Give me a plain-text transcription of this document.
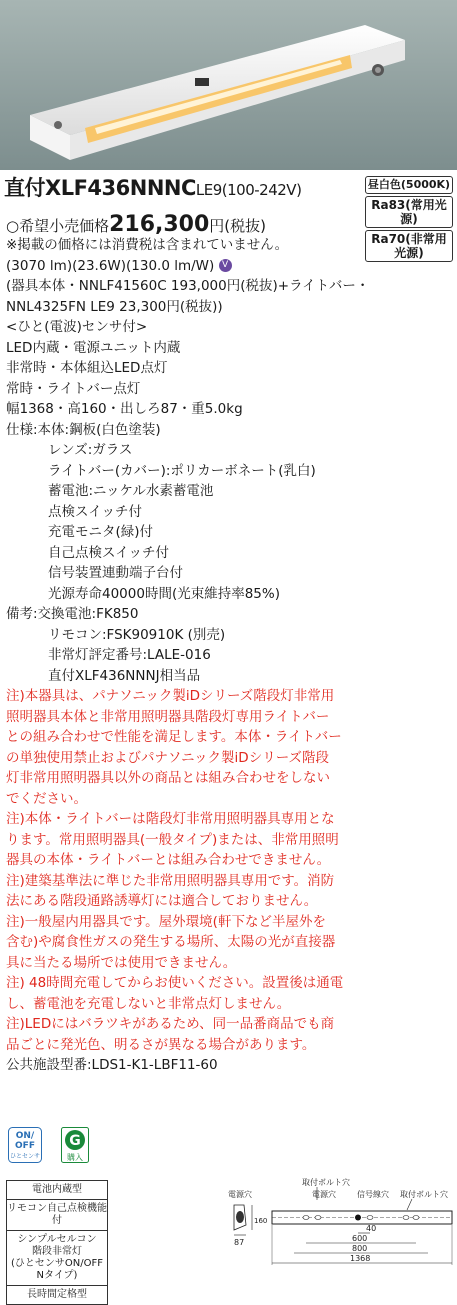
直付XLF436NNNCLE9(100-242V)	昼白色(5000K)
Ra83(常用光源)
Ra70(非常用光源)
○希望小売価格216,300円(税抜)
※掲載の価格には消費税は含まれていません。
(3070 lm)(23.6W)(130.0 lm/W) V
(器具本体・NNLF41560C 193,000円(税抜)+ライトバー・
NNL4325FN LE9 23,300円(税抜))
<ひと(電波)センサ付>
LED内蔵・電源ユニット内蔵
非常時・本体組込LED点灯
常時・ライトバー点灯
幅1368・高160・出しろ87・重5.0kg
仕様:本体:鋼板(白色塗装)
レンズ:ガラス
ライトバー(カバー):ポリカーボネート(乳白)
蓄電池:ニッケル水素蓄電池
点検スイッチ付
充電モニタ(緑)付
自己点検スイッチ付
信号装置連動端子台付
光源寿命40000時間(光束維持率85%)
備考:交換電池:FK850
リモコン:FSK90910K (別売)
非常灯評定番号:LALE-016
直付XLF436NNNJ相当品
注)本器具は、パナソニック製iDシリーズ階段灯非常用
照明器具本体と非常用照明器具階段灯専用ライトバー
との組み合わせで性能を満足します。本体・ライトバー
の単独使用禁止およびパナソニック製iDシリーズ階段
灯非常用照明器具以外の商品とは組み合わせをしない
でください。
注)本体・ライトバーは階段灯非常用照明器具専用とな
ります。常用照明器具(一般タイプ)または、非常用照明
器具の本体・ライトバーとは組み合わせできません。
注)建築基準法に準じた非常用照明器具専用です。消防
法にある階段通路誘導灯には適合しておりません。
注)一般屋内用器具です。屋外環境(軒下など半屋外を
含む)や腐食性ガスの発生する場所、太陽の光が直接器
具に当たる場所では使用できません。
注) 48時間充電してからお使いください。設置後は通電
し、蓄電池を充電しないと非常点灯しません。
注)LEDにはバラツキがあるため、同一品番商品でも商
品ごとに発光色、明るさが異なる場合があります。
公共施設型番:LDS1-K1-LBF11-60
ON/
OFF
ひとセンサ

G
購入
電池内蔵型
リモコン自己点検機能付
シンプルセルコン
階段非常灯
(ひとセンサON/OFF
Nタイプ)
長時間定格型
電源穴
取付ボルト穴
電源穴	信号線穴 取付ボルト穴
160
87
40
600
800
1368
